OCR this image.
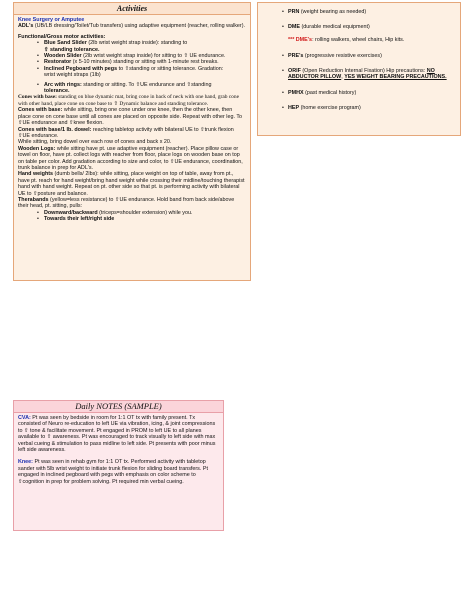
Activities

Knee Surgery or Amputee

ADL's (UB/LB dressing/Toilet/Tub transfers) using adaptive equipment (reacher, rolling walker).

Functional/Gross motor activities:

• Blue Sand Slider (2lb wrist weight strap inside): standing to
⇧ standing tolerance.
• Wooden Slider (2lb wrist weight strap inside) for sitting to ⇧ UE endurance.
• Restorator (x 5-10 minutes) standing or sitting with 1-minute rest breaks.
• Inclined Pegboard with pegs to ⇧standing or sitting tolerance. Gradation:
wrist weight straps (1lb)
• Arc with rings: standing or sitting. To ⇧UE endurance and ⇧standing
tolerance.

Cones with base: standing on blue dynamic mat, bring cone in back of neck with one hand, grab cone with other hand, place cone on cone base to ⇧ Dynamic balance and standing tolerance.

Cones with base: while sitting, bring one cone under one knee, then the other knee, then place cone on cone base until all cones are placed on opposite side. Repeat with other leg. To ⇧UE endurance and ⇧knee flexion.

Cones with base/1 lb. dowel: reaching tabletop activity with bilateral UE to ⇧trunk flexion ⇧UE endurance.

While sitting, bring dowel over each row of cones and back x 20.

Wooden Logs: while sitting have pt. use adaptive equipment (reacher). Place pillow case or towel on floor, have pt. collect logs with reacher from floor, place logs on wooden base on top on table per color. Add gradation according to size and color, to ⇧UE endurance, coordination, trunk balance in prep for ADL's.

Hand weights (dumb bells/ 2lbs): while sitting, place weight on top of table, away from pt., have pt. reach for hand weight/bring hand weight while crossing their midline/touching therapist hand with hand weight. Repeat on pt. other side so that pt. is performing activity with bilateral UE to ⇧posture and balance.

Therabands (yellow=less resistance) to ⇧UE endurance. Hold band from back side/above their head, pt. sitting, pulls:

• Downward/backward (triceps=shoulder extension) while you.
• Towards their left/right side
• PRN (weight bearing as needed)
• DME (durable medical equipment)

*** DME's: rolling walkers, wheel chairs, Hip kits.
• PRE's (progressive resistive exercises)
• ORIF (Open Reduction Internal Fixation) Hip precautions: NO ABDUCTOR PILLOW, YES WEIGHT BEARING PRECAUTIONS.
• PMHX (past medical history)
• HEP (home exercise program)
Daily NOTES (SAMPLE)

CVA: Pt was seen by bedside in room for 1:1 OT tx with family present. Tx consisted of Neuro re-education to left UE via vibration, icing, & joint compressions to ⇧ tone & facilitate movement. Pt engaged in PROM to left UE to all planes available to ⇧ awareness. Pt was encouraged to track visually to left side with max verbal cueing & stimulation to pass midline to left side. Pt presents with poor minus left side awareness.

Knee: Pt was seen in rehab gym for 1:1 OT tx. Performed activity with tabletop sander with 5lb wrist weight to initiate trunk flexion for sliding board transfers. Pt engaged in inclined pegboard with pegs with emphasis on color scheme to ⇧cognition in prep for problem solving. Pt required min verbal cueing.
